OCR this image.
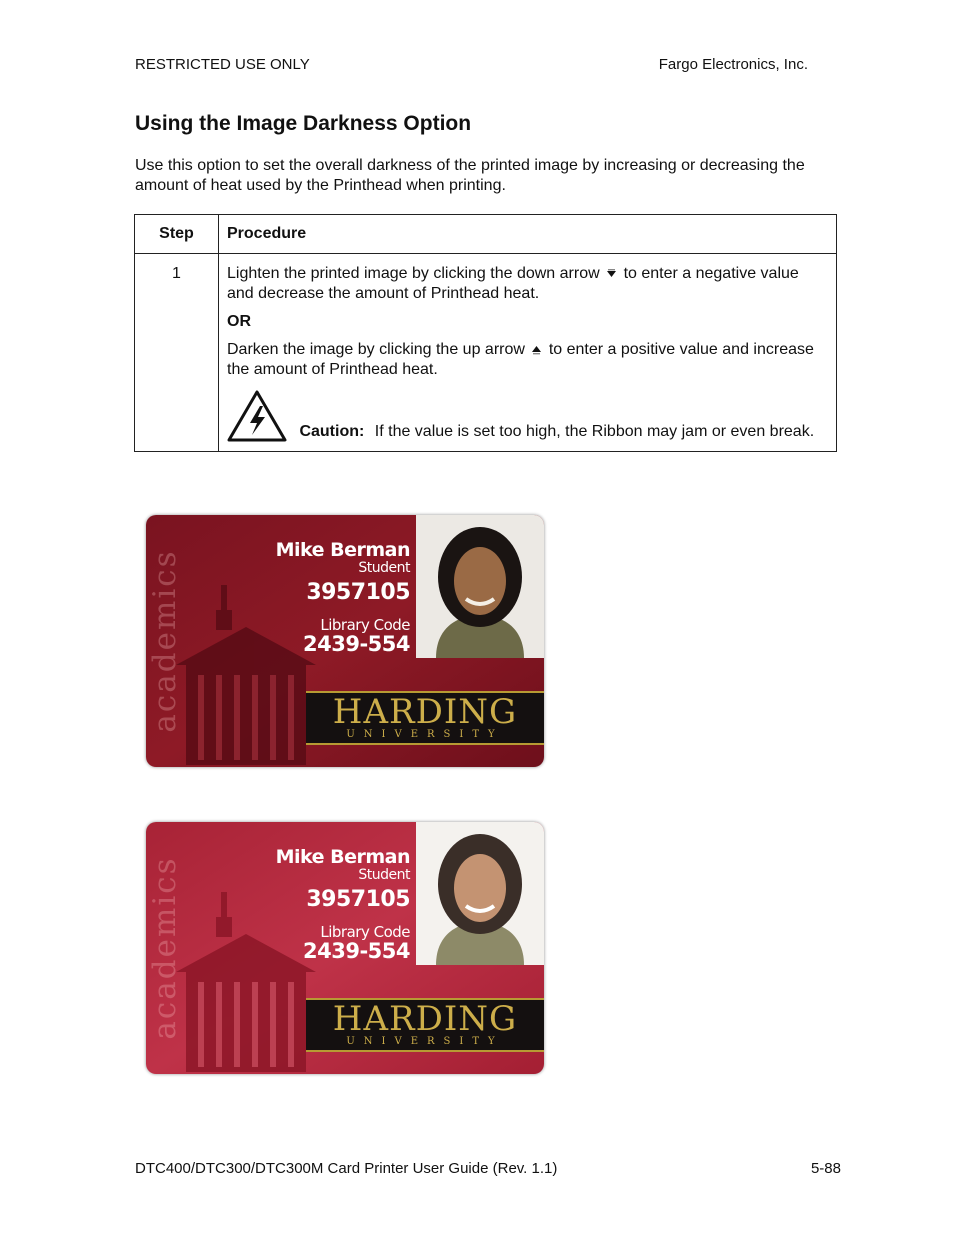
RESTRICTED USE ONLY	Fargo Electronics, Inc.
Using the Image Darkness Option
Use this option to set the overall darkness of the printed image by increasing or decreasing the amount of heat used by the Printhead when printing.
Step	Procedure
1	Lighten the printed image by clicking the down arrow to enter a negative value and decrease the amount of Printhead heat.

OR

Darken the image by clicking the up arrow to enter a positive value and increase the amount of Printhead heat.

Caution: If the value is set too high, the Ribbon may jam or even break.

academics	Mike Berman
Student
3957105
Library Code
2439-554
HARDING
UNIVERSITY
academics	Mike Berman
Student
3957105
Library Code
2439-554
HARDING
UNIVERSITY
DTC400/DTC300/DTC300M Card Printer User Guide (Rev. 1.1)	5-88
